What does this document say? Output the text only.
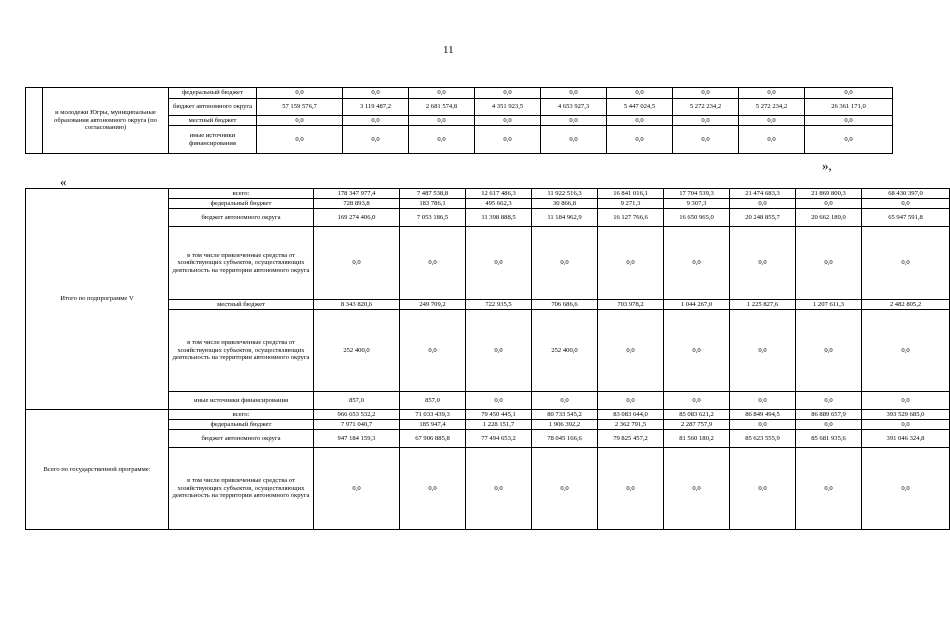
11
	и молодежи Югры, муниципальные образования автономного округа (по согласованию)	федеральный бюджет	0,0	0,0	0,0	0,0	0,0	0,0	0,0	0,0	0,0
		бюджет автономного округа	57 159 576,7	3 119 487,2	2 681 574,8	4 351 923,5	4 653 927,3	5 447 024,5	5 272 234,2	5 272 234,2	26 361 171,0
		местный бюджет	0,0	0,0	0,0	0,0	0,0	0,0	0,0	0,0	0,0
		иные источники финансирования	0,0	0,0	0,0	0,0	0,0	0,0	0,0	0,0	0,0
»,
«
Итого по подпрограмме V	всего:	178 347 977,4	7 487 538,8	12 617 486,3	11 922 516,3	16 841 016,1	17 704 539,3	21 474 683,3	21 869 800,3	68 430 397,0
	федеральный бюджет	728 893,8	183 786,1	495 662,3	30 866,8	9 271,3	9 307,3	0,0	0,0	0,0
	бюджет автономного округа	169 274 406,0	7 053 186,5	11 398 888,5	11 184 962,9	16 127 766,6	16 650 965,0	20 248 855,7	20 662 189,0	65 947 591,8
	в том числе привлеченные средства от хозяйствующих субъектов, осуществляющих деятельность на территории автономного округа	0,0	0,0	0,0	0,0	0,0	0,0	0,0	0,0	0,0
	местный бюджет	8 343 820,6	249 709,2	722 935,5	706 686,6	703 978,2	1 044 267,0	1 225 827,6	1 207 611,3	2 482 805,2
	в том числе привлеченные средства от хозяйствующих субъектов, осуществляющих деятельность на территории автономного округа	252 400,0	0,0	0,0	252 400,0	0,0	0,0	0,0	0,0	0,0
	иные источники финансирования	857,0	857,0	0,0	0,0	0,0	0,0	0,0	0,0	0,0
Всего по государственной программе:	всего:	966 653 532,2	71 033 439,3	79 450 445,1	80 733 545,2	83 083 644,0	85 083 621,2	86 849 494,5	86 889 657,9	393 529 685,0
	федеральный бюджет	7 971 040,7	185 947,4	1 228 151,7	1 906 392,2	2 362 791,5	2 287 757,9	0,0	0,0	0,0
	бюджет автономного округа	947 184 159,3	67 906 885,8	77 494 653,2	78 045 166,6	79 825 457,2	81 560 180,2	85 623 555,9	85 681 935,6	391 046 324,8
	в том числе привлеченные средства от хозяйствующих субъектов, осуществляющих деятельность на территории автономного округа	0,0	0,0	0,0	0,0	0,0	0,0	0,0	0,0	0,0
